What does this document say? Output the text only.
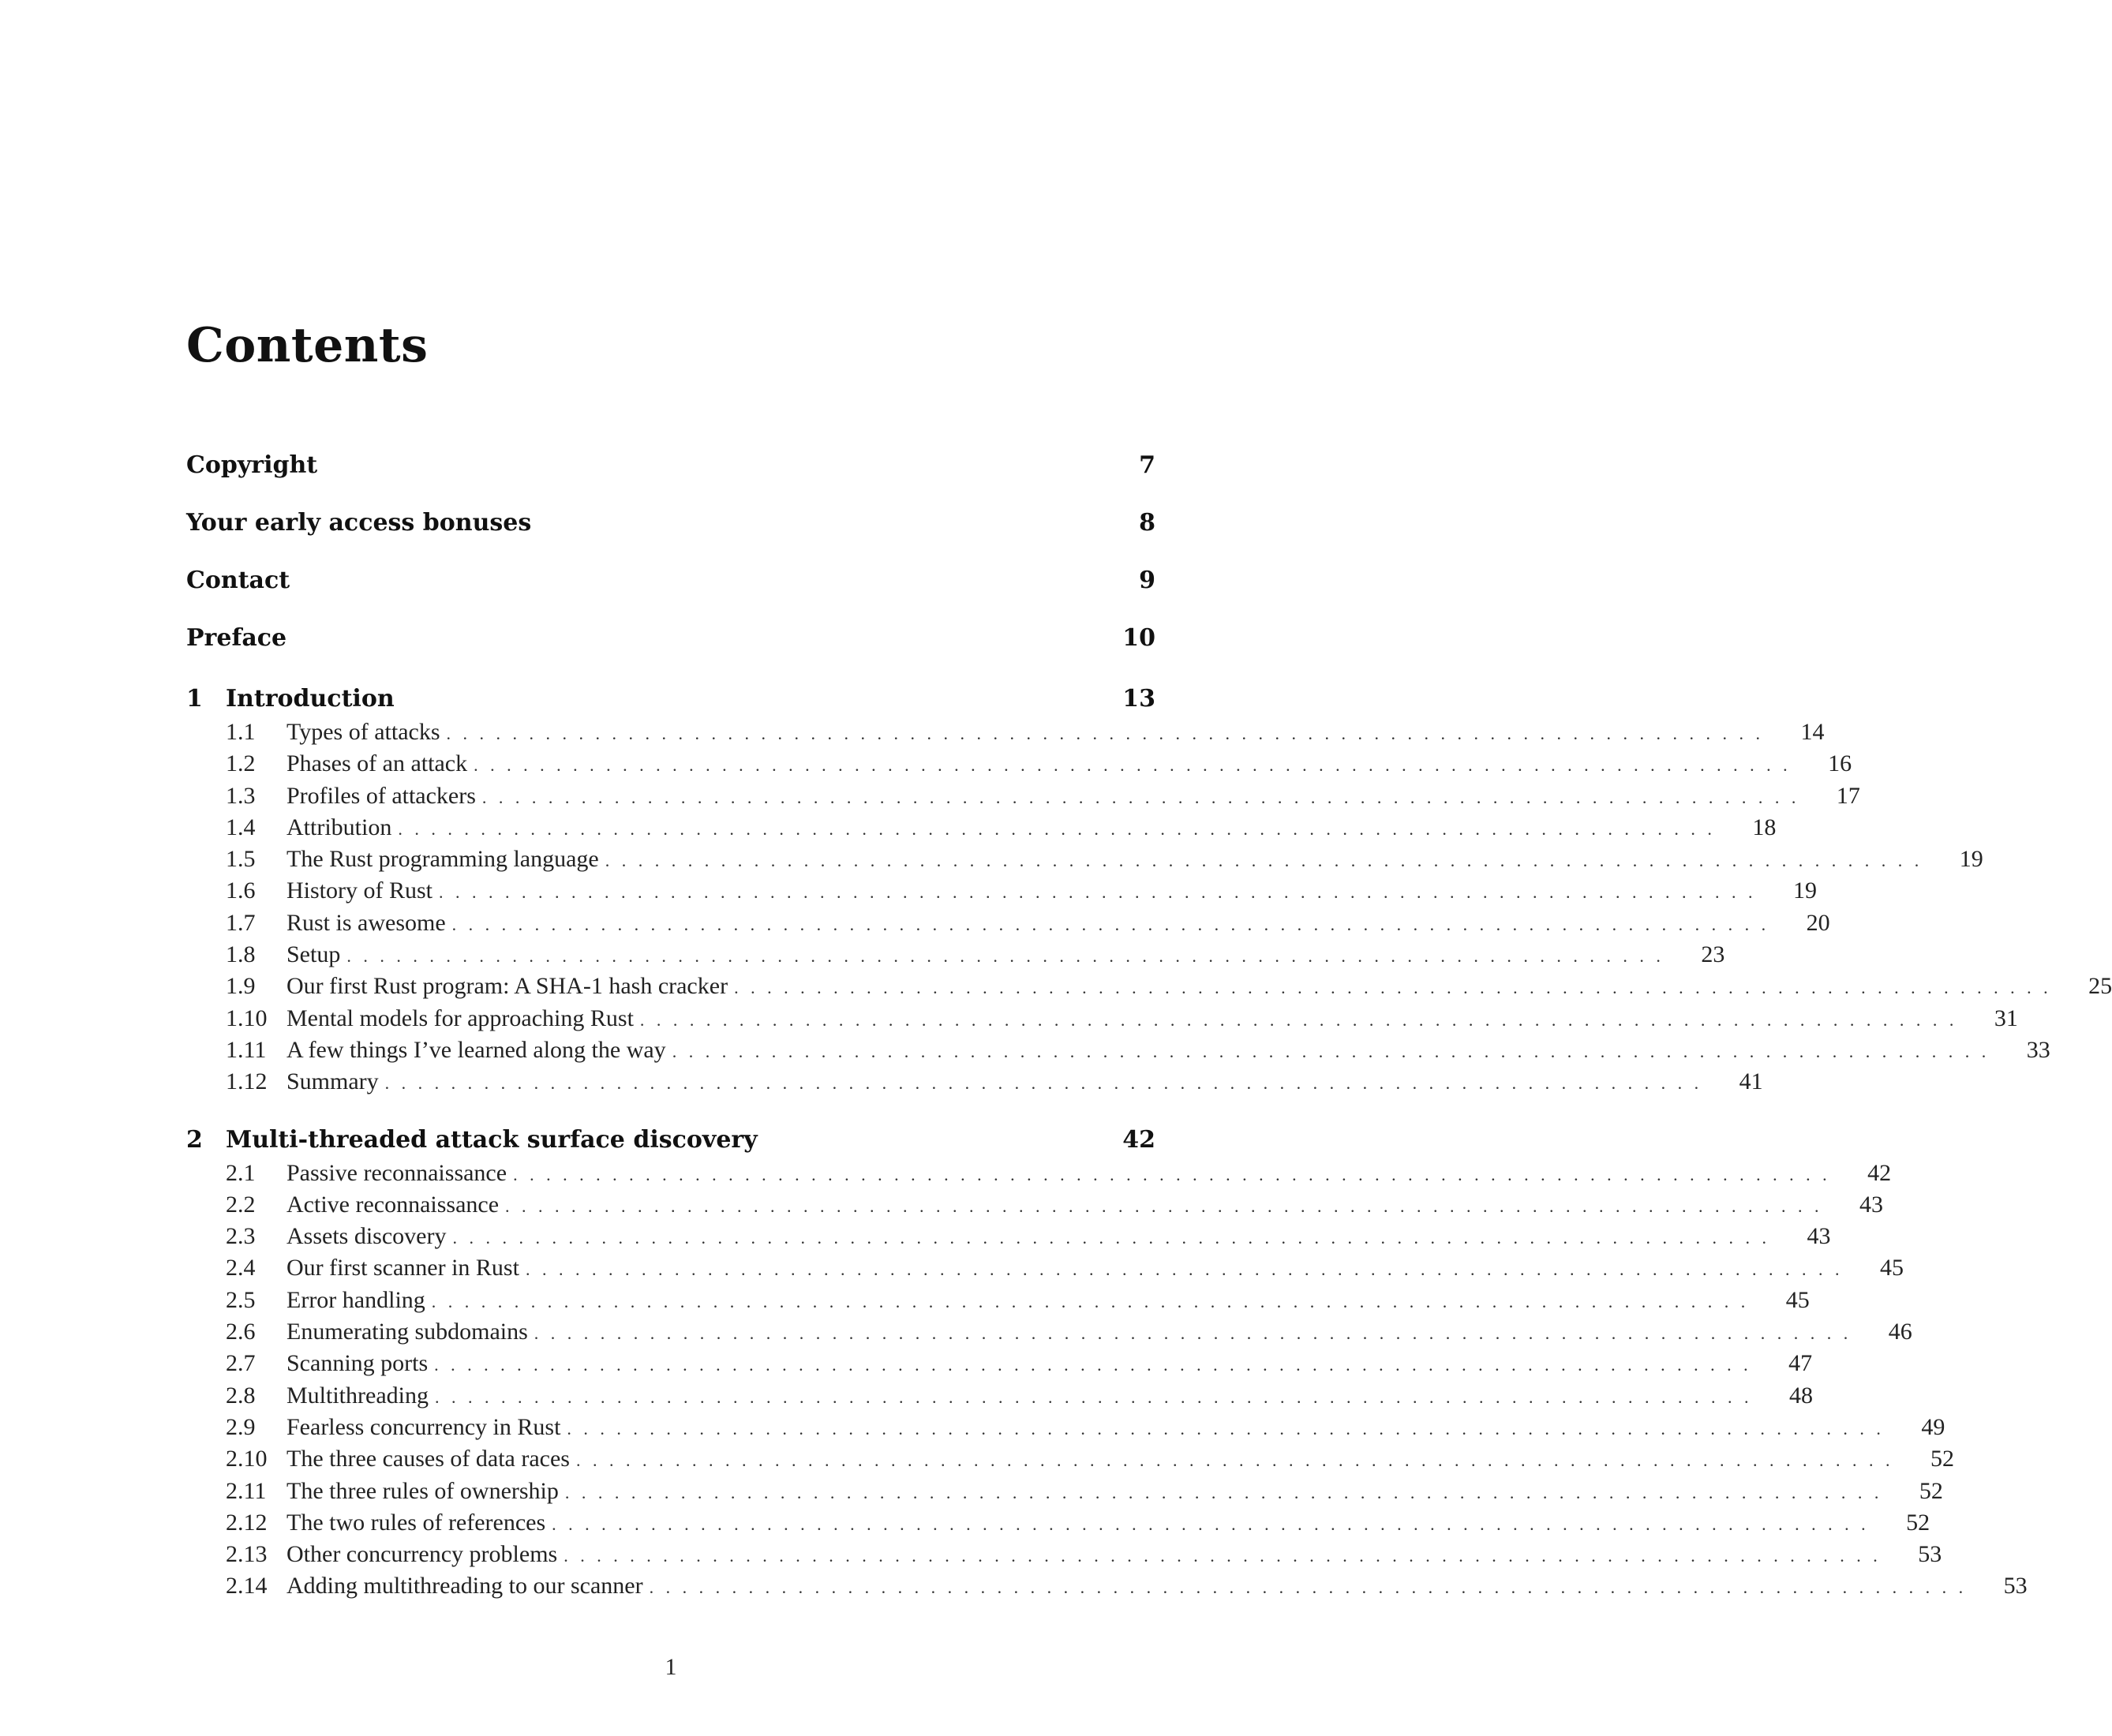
Contents
Copyright	7
Your early access bonuses	8
Contact	9
Preface	10
1 Introduction	13
1.1	Types of attacks ................................................................................	14
1.2	Phases of an attack ................................................................................	16
1.3	Profiles of attackers ................................................................................	17
1.4	Attribution ................................................................................	18
1.5	The Rust programming language ................................................................................	19
1.6	History of Rust ................................................................................	19
1.7	Rust is awesome ................................................................................	20
1.8	Setup ................................................................................	23
1.9	Our first Rust program: A SHA-1 hash cracker ................................................................................	25
1.10 Mental models for approaching Rust ................................................................................	31
1.11 A few things I’ve learned along the way ................................................................................	33
1.12 Summary ................................................................................	41
2 Multi-threaded attack surface discovery	42
2.1	Passive reconnaissance ................................................................................	42
2.2	Active reconnaissance ................................................................................	43
2.3	Assets discovery ................................................................................	43
2.4	Our first scanner in Rust ................................................................................	45
2.5	Error handling ................................................................................	45
2.6	Enumerating subdomains ................................................................................	46
2.7	Scanning ports ................................................................................	47
2.8	Multithreading ................................................................................	48
2.9	Fearless concurrency in Rust ................................................................................	49
2.10 The three causes of data races ................................................................................	52
2.11 The three rules of ownership ................................................................................	52
2.12 The two rules of references ................................................................................	52
2.13 Other concurrency problems ................................................................................	53
2.14 Adding multithreading to our scanner ................................................................................	53
1
